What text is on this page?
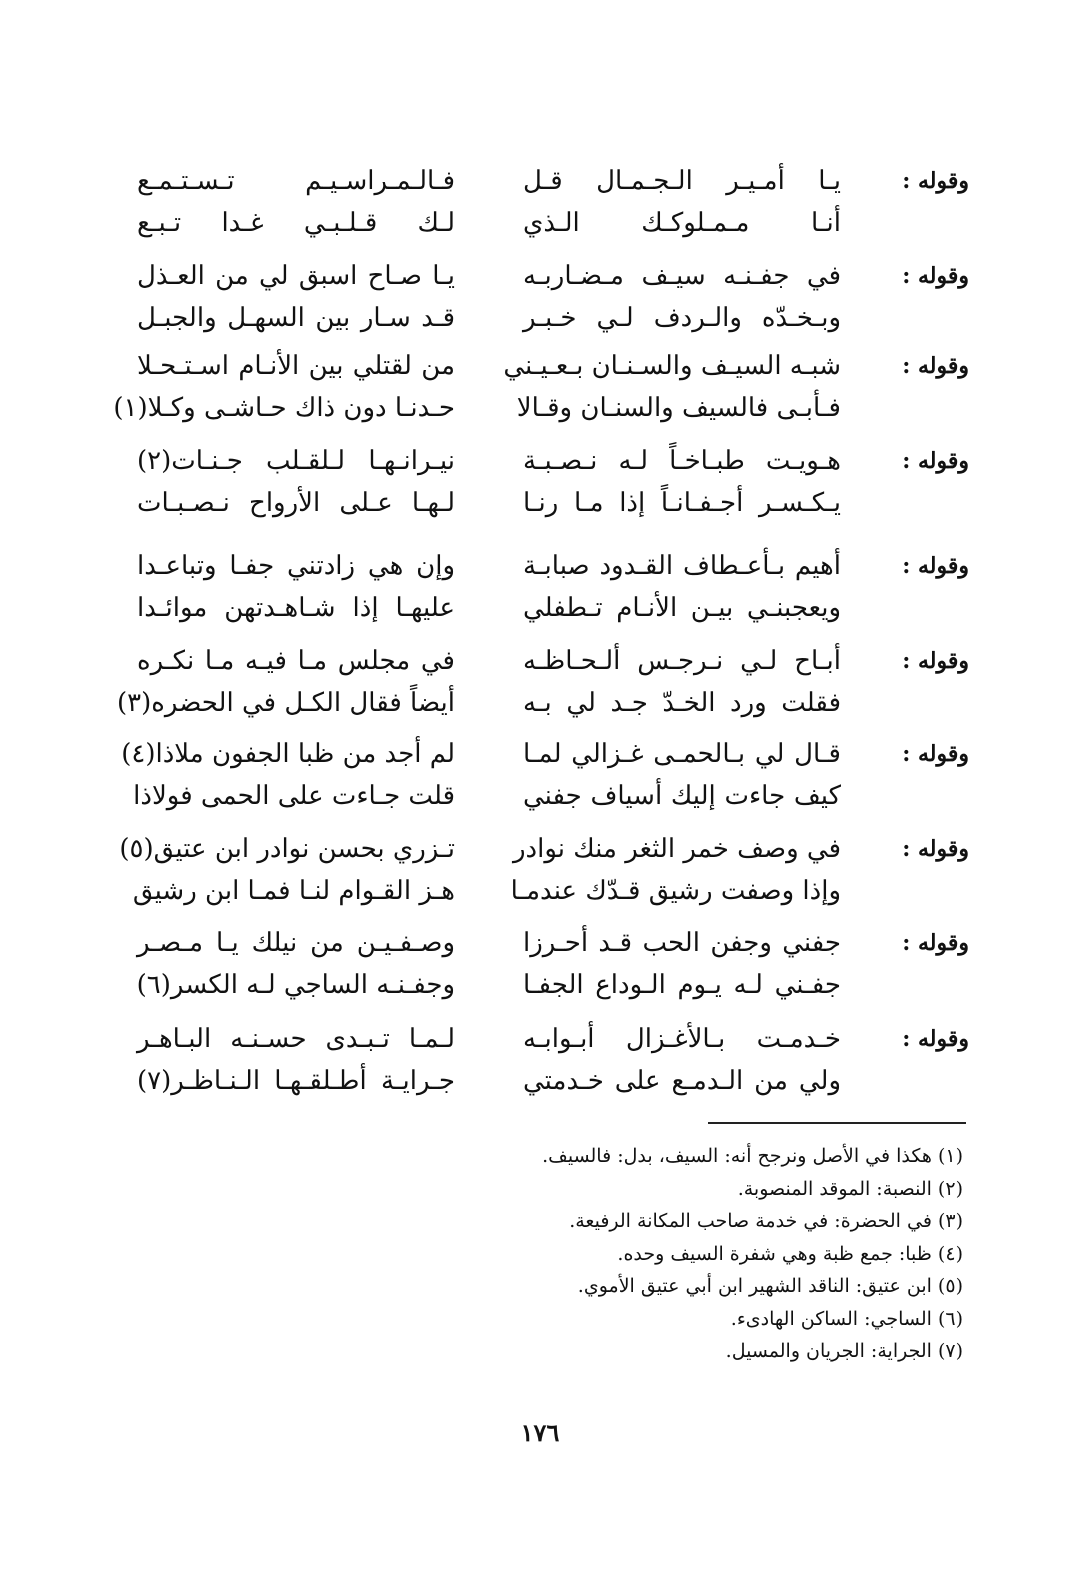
وقوله :
يـا أمـيـر الـجـمـال قـل
أنـا مـمـلوكـك الـذي
فـالـمـراسـيـم تـسـتـمـع
لـك قـلـبـي غـدا تـبـع
وقوله :
في جفـنـه سيـف مـضـاربـه
وبـخـدّه والـردف لـي خـبـر
يـا صـاح اسبق لي من العـذل
قـد سـار بين السهـل والجبـل
وقوله :
شبـه السيـف والسـنـان بـعـيـني
فـأبـى فالسيف والسنـان وقـالا
من لقتلي بين الأنـام اسـتـحـلا
حـدنـا دون ذاك حـاشـى وكـلا(١)
وقوله :
هـويـت طبـاخـاً لـه نـصـبـة
يـكـسـر أجـفـانـاً إذا مـا رنـا
نيـرانـهـا لـلقـلب جـنـات(٢)
لـهـا عـلى الأرواح نـصـبـات
وقوله :
أهيم بـأعـطاف القـدود صبابـة
ويعجبنـي بيـن الأنـام تـطفلي
وإن هي زادتني جفـا وتباعـدا
عليهـا إذا شـاهـدتهن موائـدا
وقوله :
أبـاح لـي نـرجـس ألـحـاظـه
فقلت ورد الخـدّ جـد لي بـه
في مجلس مـا فيـه مـا نكـره
أيضاً فقال الكـل في الحضره(٣)
وقوله :
قـال لي بـالحمـى غـزالي لمـا
كيف جاءت إليك أسياف جفني
لم أجد من ظبا الجفون ملاذا(٤)
قلت جـاءت على الحمى فولاذا
وقوله :
في وصف خمر الثغر منك نوادر
وإذا وصفت رشيق قـدّك عندمـا
تـزري بحسن نوادر ابن عتيق(٥)
هـز القـوام لنـا فمـا ابن رشيق
وقوله :
جفني وجفن الحب قـد أحـرزا
جفـني لـه يـوم الـوداع الجفـا
وصـفـيـن من نيلك يـا مـصـر
وجفـنـه الساجي لـه الكسر(٦)
وقوله :
خـدمـت بـالأغـزال أبـوابـه
ولي من الـدمـع على خـدمتي
لـمـا تـبـدى حسـنـه البـاهـر
جـرايـة أطـلقـهـا الـنـاظـر(٧)
(١) هكذا في الأصل ونرجح أنه: السيف، بدل: فالسيف.
(٢) النصبة: الموقد المنصوبة.
(٣) في الحضرة: في خدمة صاحب المكانة الرفيعة.
(٤) ظبا: جمع ظبة وهي شفرة السيف وحده.
(٥) ابن عتيق: الناقد الشهير ابن أبي عتيق الأموي.
(٦) الساجي: الساكن الهادىء.
(٧) الجراية: الجريان والمسيل.
١٧٦
